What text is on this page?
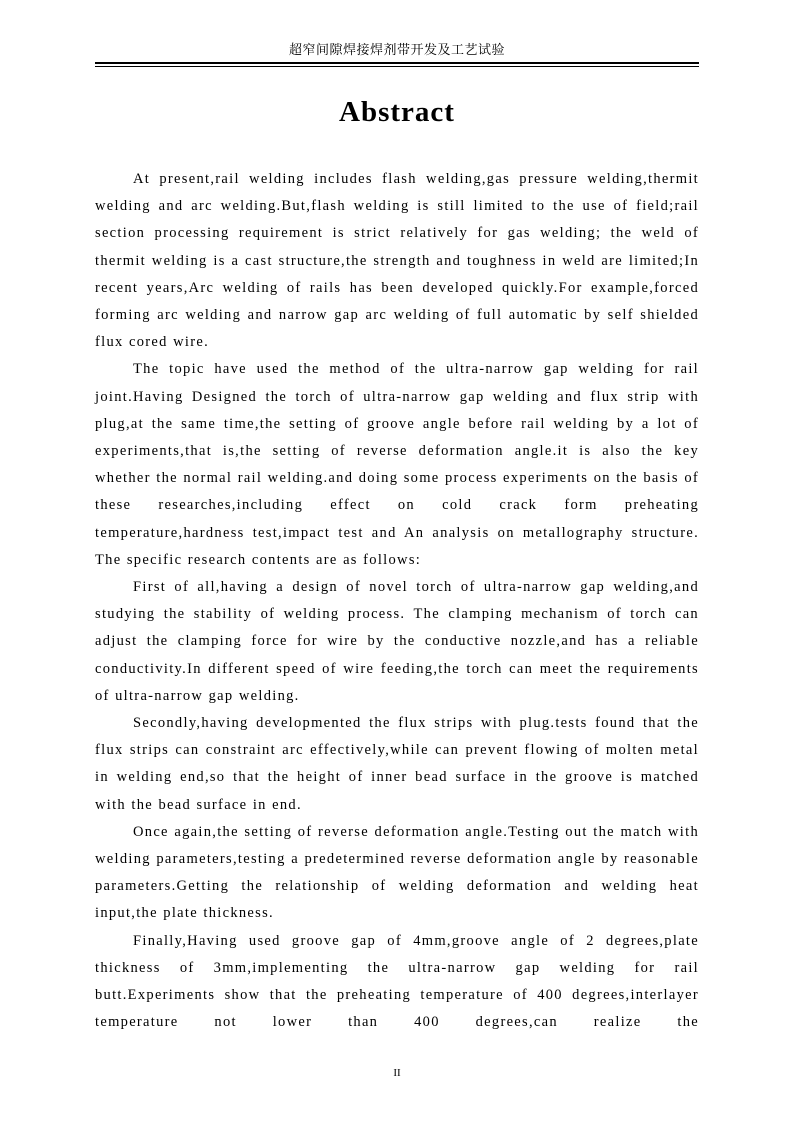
超窄间隙焊接焊剂带开发及工艺试验
Abstract

At present,rail welding includes flash welding,gas pressure welding,thermit welding and arc welding.But,flash welding is still limited to the use of field;rail section processing requirement is strict relatively for gas welding; the weld of thermit welding is a cast structure,the strength and toughness in weld are limited;In recent years,Arc welding of rails has been developed quickly.For example,forced forming arc welding and narrow gap arc welding of full automatic by self shielded flux cored wire.

The topic have used the method of the ultra-narrow gap welding for rail joint.Having Designed the torch of ultra-narrow gap welding and flux strip with plug,at the same time,the setting of groove angle before rail welding by a lot of experiments,that is,the setting of reverse deformation angle.it is also the key whether the normal rail welding.and doing some process experiments on the basis of these researches,including effect on cold crack form preheating temperature,hardness test,impact test and An analysis on metallography structure. The specific research contents are as follows:

First of all,having a design of novel torch of ultra-narrow gap welding,and studying the stability of welding process. The clamping mechanism of torch can adjust the clamping force for wire by the conductive nozzle,and has a reliable conductivity.In different speed of wire feeding,the torch can meet the requirements of ultra-narrow gap welding.

Secondly,having developmented the flux strips with plug.tests found that the flux strips can constraint arc effectively,while can prevent flowing of molten metal in welding end,so that the height of inner bead surface in the groove is matched with the bead surface in end.

Once again,the setting of reverse deformation angle.Testing out the match with welding parameters,testing a predetermined reverse deformation angle by reasonable parameters.Getting the relationship of welding deformation and welding heat input,the plate thickness.

Finally,Having used groove gap of 4mm,groove angle of 2 degrees,plate thickness of 3mm,implementing the ultra-narrow gap welding for rail butt.Experiments show that the preheating temperature of 400 degrees,interlayer temperature not lower than 400 degrees,can realize the

II
